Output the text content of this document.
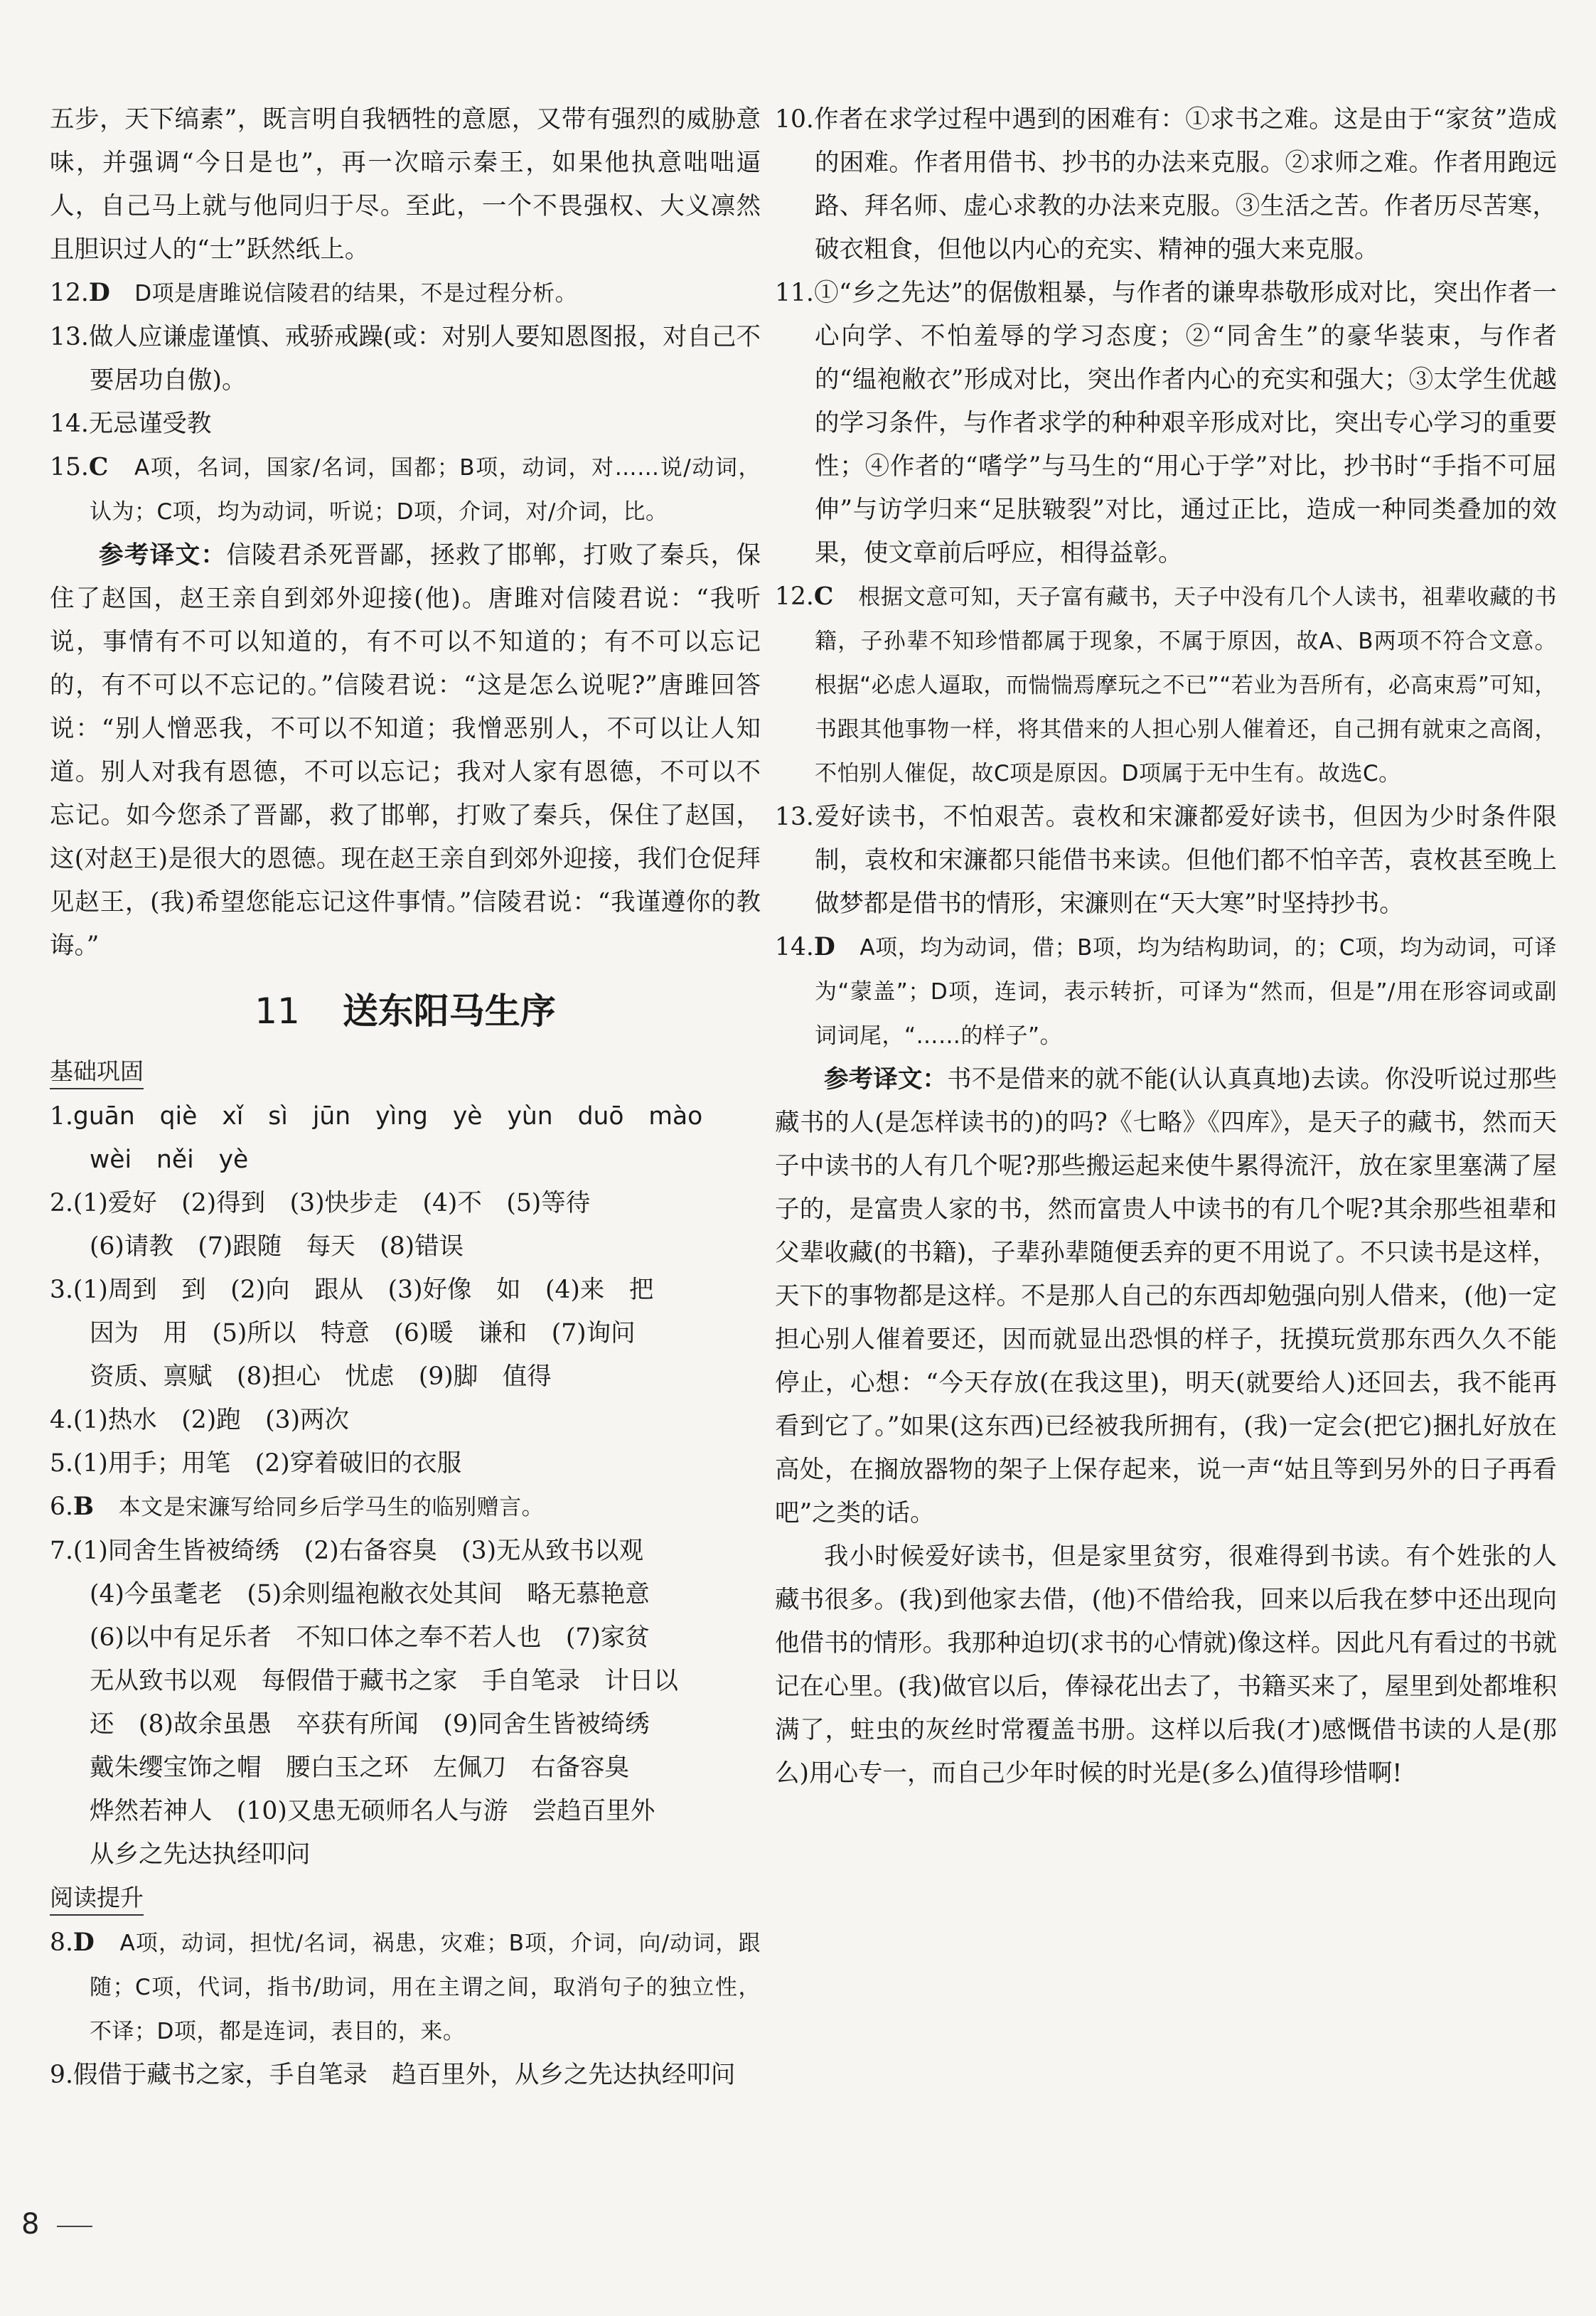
五步，天下缟素”，既言明自我牺牲的意愿，又带有强烈的威胁意味，并强调“今日是也”，再一次暗示秦王，如果他执意咄咄逼人，自己马上就与他同归于尽。至此，一个不畏强权、大义凛然且胆识过人的“士”跃然纸上。

12.D　 D项是唐雎说信陵君的结果，不是过程分析。

13.做人应谦虚谨慎、戒骄戒躁(或：对别人要知恩图报，对自己不要居功自傲)。

14.无忌谨受教

15.C　 A项，名词，国家/名词，国都；B项，动词，对……说/动词，认为；C项，均为动词，听说；D项，介词，对/介词，比。

参考译文：信陵君杀死晋鄙，拯救了邯郸，打败了秦兵，保住了赵国，赵王亲自到郊外迎接(他)。唐雎对信陵君说：“我听说，事情有不可以知道的，有不可以不知道的；有不可以忘记的，有不可以不忘记的。”信陵君说：“这是怎么说呢?”唐雎回答说：“别人憎恶我，不可以不知道；我憎恶别人，不可以让人知道。别人对我有恩德，不可以忘记；我对人家有恩德，不可以不忘记。如今您杀了晋鄙，救了邯郸，打败了秦兵，保住了赵国，这(对赵王)是很大的恩德。现在赵王亲自到郊外迎接，我们仓促拜见赵王，(我)希望您能忘记这件事情。”信陵君说：“我谨遵你的教诲。”

11 送东阳马生序
基础巩固

1.guān qiè xǐ sì jūn yìng yè yùn duō mào

wèi něi yè

2.(1)爱好　(2)得到　(3)快步走　(4)不　(5)等待

(6)请教　(7)跟随　每天　(8)错误

3.(1)周到　到　(2)向　跟从　(3)好像　如　(4)来　把

因为　用　(5)所以　特意　(6)暖　谦和　(7)询问

资质、禀赋　(8)担心　忧虑　(9)脚　值得

4.(1)热水　(2)跑　(3)两次

5.(1)用手；用笔　(2)穿着破旧的衣服

6.B　 本文是宋濂写给同乡后学马生的临别赠言。

7.(1)同舍生皆被绮绣　(2)右备容臭　(3)无从致书以观

(4)今虽耄老　(5)余则缊袍敝衣处其间　略无慕艳意

(6)以中有足乐者　不知口体之奉不若人也　(7)家贫

无从致书以观　每假借于藏书之家　手自笔录　计日以

还　(8)故余虽愚　卒获有所闻　(9)同舍生皆被绮绣

戴朱缨宝饰之帽　腰白玉之环　左佩刀　右备容臭

烨然若神人　(10)又患无硕师名人与游　尝趋百里外

从乡之先达执经叩问

阅读提升

8.D　 A项，动词，担忧/名词，祸患，灾难；B项，介词，向/动词，跟随；C项，代词，指书/助词，用在主谓之间，取消句子的独立性，不译；D项，都是连词，表目的，来。

9.假借于藏书之家，手自笔录　趋百里外，从乡之先达执经叩问

10.作者在求学过程中遇到的困难有：①求书之难。这是由于“家贫”造成的困难。作者用借书、抄书的办法来克服。②求师之难。作者用跑远路、拜名师、虚心求教的办法来克服。③生活之苦。作者历尽苦寒，破衣粗食，但他以内心的充实、精神的强大来克服。

11.①“乡之先达”的倨傲粗暴，与作者的谦卑恭敬形成对比，突出作者一心向学、不怕羞辱的学习态度；②“同舍生”的豪华装束，与作者的“缊袍敝衣”形成对比，突出作者内心的充实和强大；③太学生优越的学习条件，与作者求学的种种艰辛形成对比，突出专心学习的重要性；④作者的“嗜学”与马生的“用心于学”对比，抄书时“手指不可屈伸”与访学归来“足肤皲裂”对比，通过正比，造成一种同类叠加的效果，使文章前后呼应，相得益彰。

12.C　 根据文意可知，天子富有藏书，天子中没有几个人读书，祖辈收藏的书籍，子孙辈不知珍惜都属于现象，不属于原因，故A、B两项不符合文意。根据“必虑人逼取，而惴惴焉摩玩之不已”“若业为吾所有，必高束焉”可知，书跟其他事物一样，将其借来的人担心别人催着还，自己拥有就束之高阁，不怕别人催促，故C项是原因。D项属于无中生有。故选C。

13.爱好读书，不怕艰苦。袁枚和宋濂都爱好读书，但因为少时条件限制，袁枚和宋濂都只能借书来读。但他们都不怕辛苦，袁枚甚至晚上做梦都是借书的情形，宋濂则在“天大寒”时坚持抄书。

14.D　 A项，均为动词，借；B项，均为结构助词，的；C项，均为动词，可译为“蒙盖”；D项，连词，表示转折，可译为“然而，但是”/用在形容词或副词词尾，“……的样子”。

参考译文：书不是借来的就不能(认认真真地)去读。你没听说过那些藏书的人(是怎样读书的)的吗?《七略》《四库》，是天子的藏书，然而天子中读书的人有几个呢?那些搬运起来使牛累得流汗，放在家里塞满了屋子的，是富贵人家的书，然而富贵人中读书的有几个呢?其余那些祖辈和父辈收藏(的书籍)，子辈孙辈随便丢弃的更不用说了。不只读书是这样，天下的事物都是这样。不是那人自己的东西却勉强向别人借来，(他)一定担心别人催着要还，因而就显出恐惧的样子，抚摸玩赏那东西久久不能停止，心想：“今天存放(在我这里)，明天(就要给人)还回去，我不能再看到它了。”如果(这东西)已经被我所拥有，(我)一定会(把它)捆扎好放在高处，在搁放器物的架子上保存起来，说一声“姑且等到另外的日子再看吧”之类的话。

我小时候爱好读书，但是家里贫穷，很难得到书读。有个姓张的人藏书很多。(我)到他家去借，(他)不借给我，回来以后我在梦中还出现向他借书的情形。我那种迫切(求书的心情就)像这样。因此凡有看过的书就记在心里。(我)做官以后，俸禄花出去了，书籍买来了，屋里到处都堆积满了，蛀虫的灰丝时常覆盖书册。这样以后我(才)感慨借书读的人是(那么)用心专一，而自己少年时候的时光是(多么)值得珍惜啊!

8
